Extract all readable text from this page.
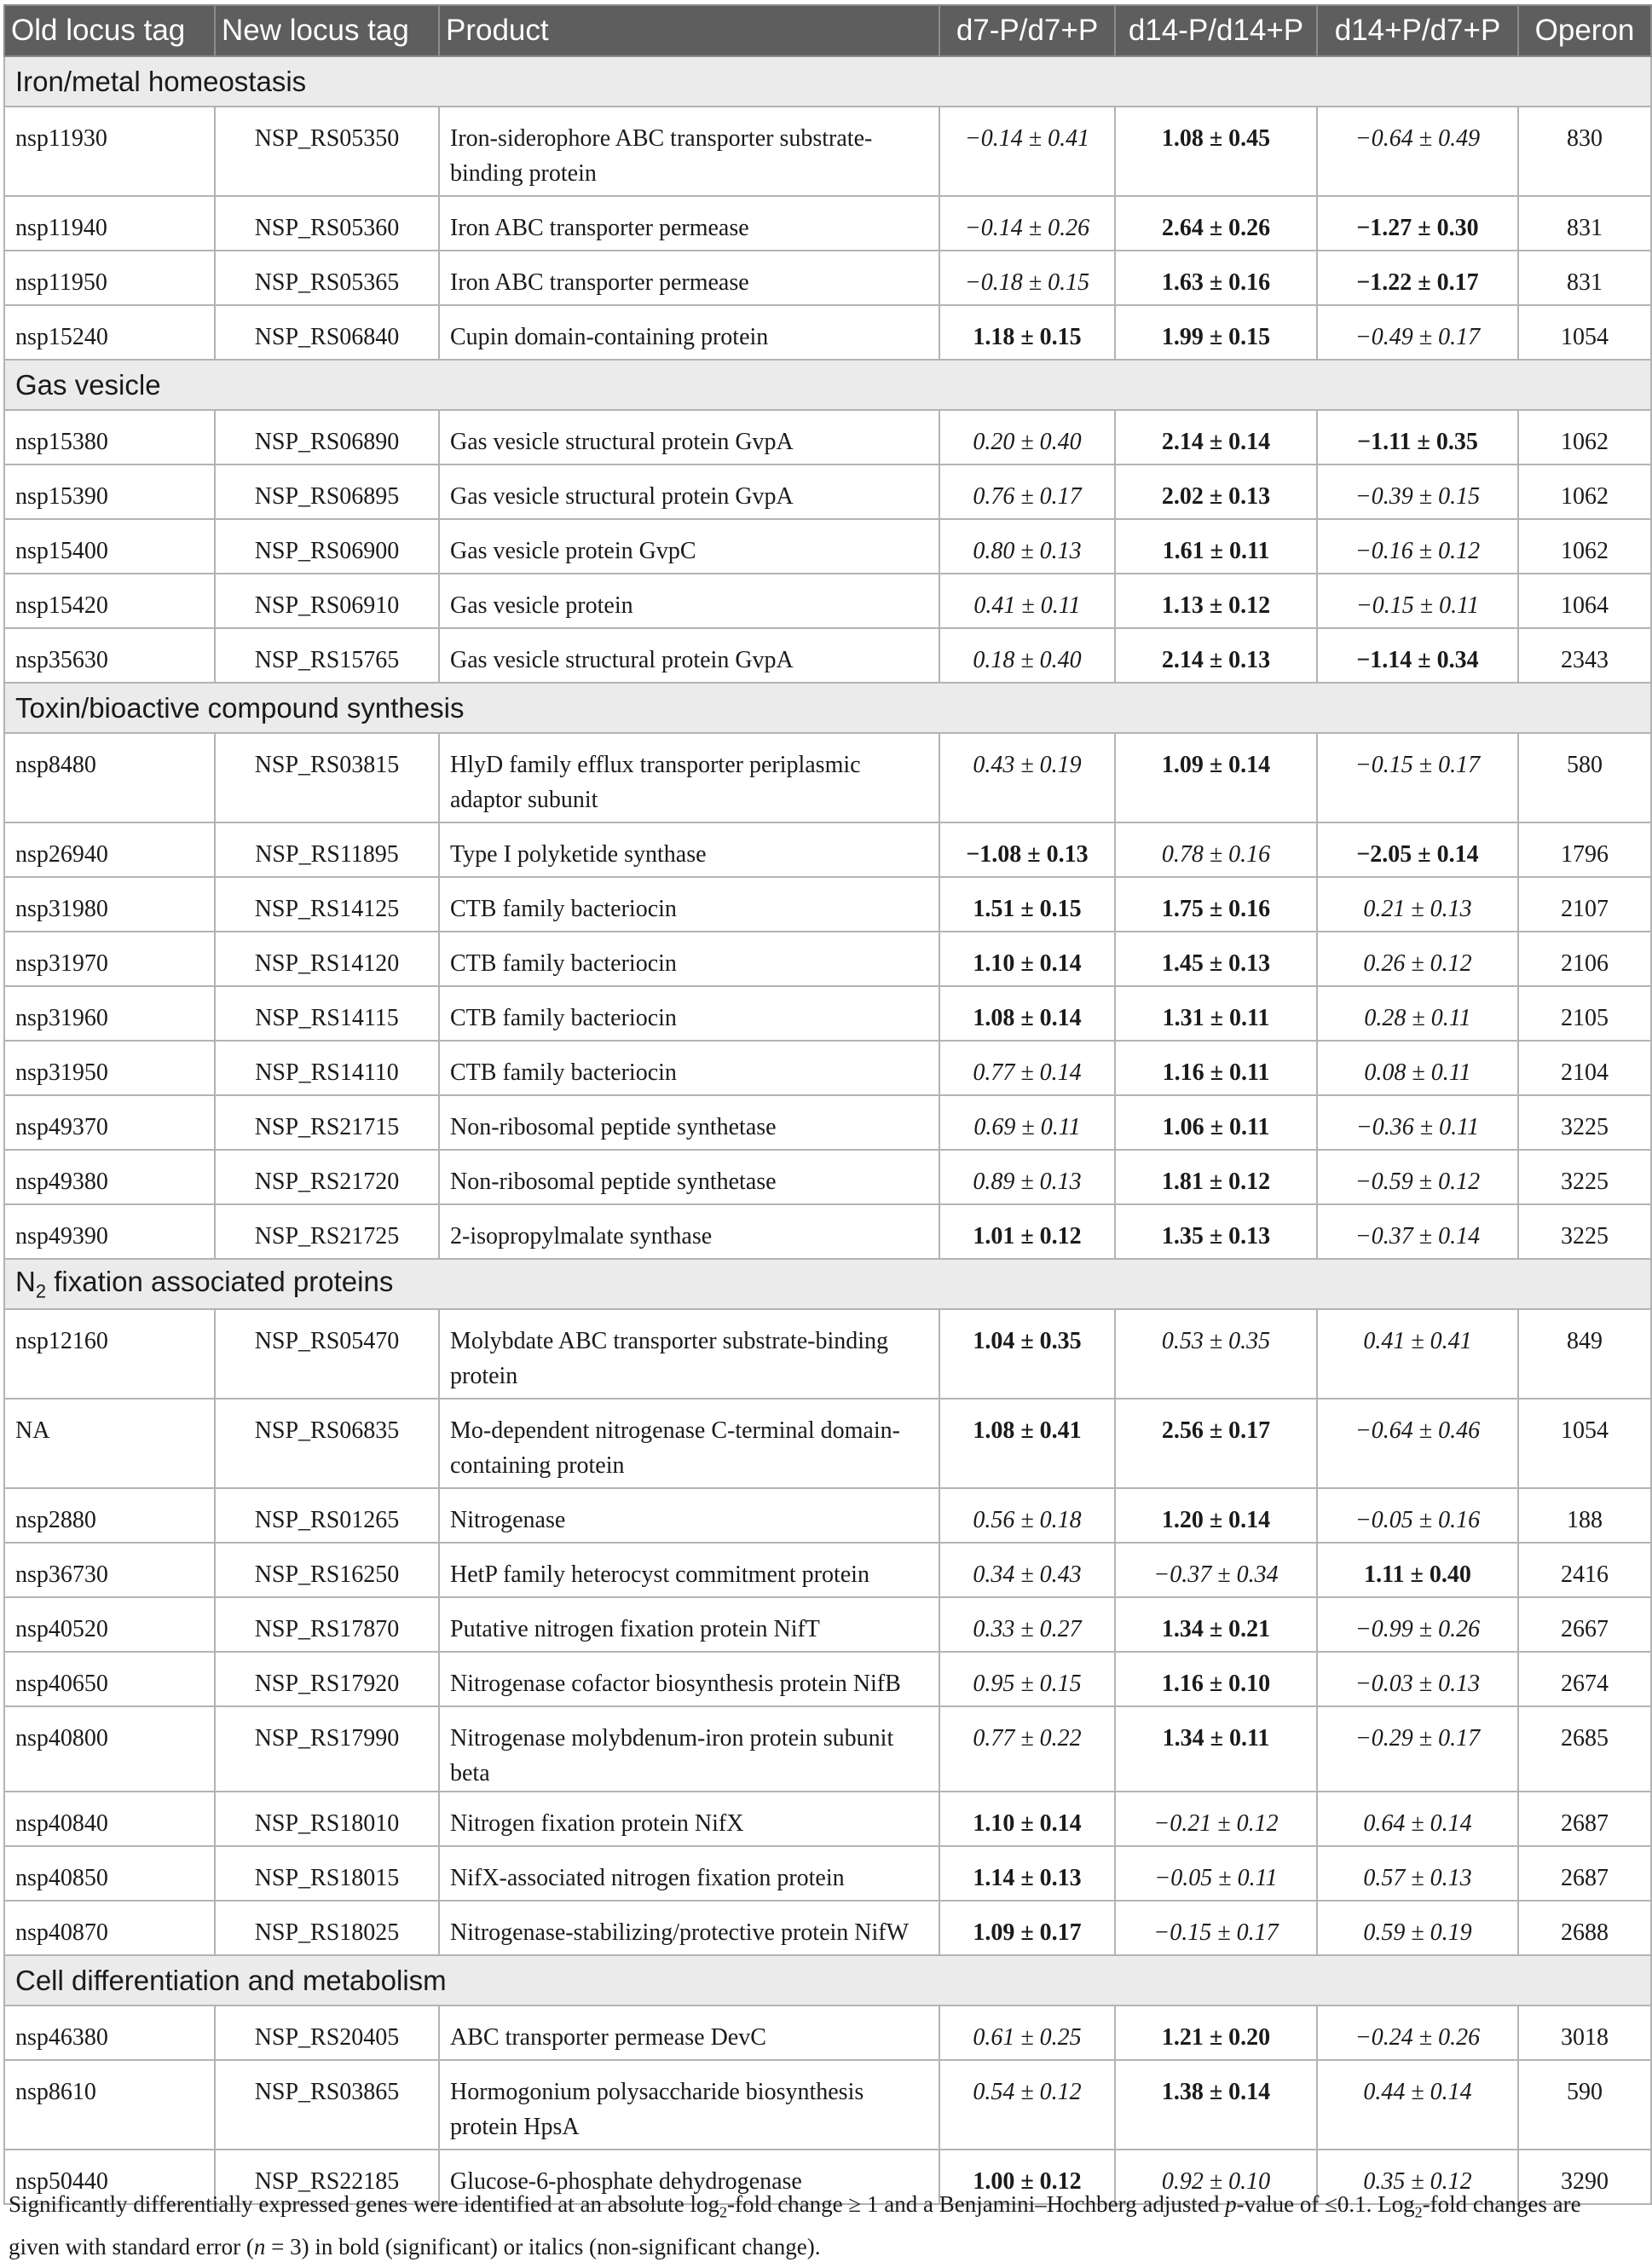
Old locus tag	New locus tag	Product	d7-P/d7+P	d14-P/d14+P	d14+P/d7+P	Operon
Iron/metal homeostasis						
nsp11930	NSP_RS05350	Iron-siderophore ABC transporter substrate-binding protein	−0.14 ± 0.41	1.08 ± 0.45	−0.64 ± 0.49	830
nsp11940	NSP_RS05360	Iron ABC transporter permease	−0.14 ± 0.26	2.64 ± 0.26	−1.27 ± 0.30	831
nsp11950	NSP_RS05365	Iron ABC transporter permease	−0.18 ± 0.15	1.63 ± 0.16	−1.22 ± 0.17	831
nsp15240	NSP_RS06840	Cupin domain-containing protein	1.18 ± 0.15	1.99 ± 0.15	−0.49 ± 0.17	1054
Gas vesicle						
nsp15380	NSP_RS06890	Gas vesicle structural protein GvpA	0.20 ± 0.40	2.14 ± 0.14	−1.11 ± 0.35	1062
nsp15390	NSP_RS06895	Gas vesicle structural protein GvpA	0.76 ± 0.17	2.02 ± 0.13	−0.39 ± 0.15	1062
nsp15400	NSP_RS06900	Gas vesicle protein GvpC	0.80 ± 0.13	1.61 ± 0.11	−0.16 ± 0.12	1062
nsp15420	NSP_RS06910	Gas vesicle protein	0.41 ± 0.11	1.13 ± 0.12	−0.15 ± 0.11	1064
nsp35630	NSP_RS15765	Gas vesicle structural protein GvpA	0.18 ± 0.40	2.14 ± 0.13	−1.14 ± 0.34	2343
Toxin/bioactive compound synthesis						
nsp8480	NSP_RS03815	HlyD family efflux transporter periplasmic adaptor subunit	0.43 ± 0.19	1.09 ± 0.14	−0.15 ± 0.17	580
nsp26940	NSP_RS11895	Type I polyketide synthase	−1.08 ± 0.13	0.78 ± 0.16	−2.05 ± 0.14	1796
nsp31980	NSP_RS14125	CTB family bacteriocin	1.51 ± 0.15	1.75 ± 0.16	0.21 ± 0.13	2107
nsp31970	NSP_RS14120	CTB family bacteriocin	1.10 ± 0.14	1.45 ± 0.13	0.26 ± 0.12	2106
nsp31960	NSP_RS14115	CTB family bacteriocin	1.08 ± 0.14	1.31 ± 0.11	0.28 ± 0.11	2105
nsp31950	NSP_RS14110	CTB family bacteriocin	0.77 ± 0.14	1.16 ± 0.11	0.08 ± 0.11	2104
nsp49370	NSP_RS21715	Non-ribosomal peptide synthetase	0.69 ± 0.11	1.06 ± 0.11	−0.36 ± 0.11	3225
nsp49380	NSP_RS21720	Non-ribosomal peptide synthetase	0.89 ± 0.13	1.81 ± 0.12	−0.59 ± 0.12	3225
nsp49390	NSP_RS21725	2-isopropylmalate synthase	1.01 ± 0.12	1.35 ± 0.13	−0.37 ± 0.14	3225
$N_2$ fixation associated proteins						
nsp12160	NSP_RS05470	Molybdate ABC transporter substrate-binding protein	1.04 ± 0.35	0.53 ± 0.35	0.41 ± 0.41	849
NA	NSP_RS06835	Mo-dependent nitrogenase C-terminal domain-containing protein	1.08 ± 0.41	2.56 ± 0.17	−0.64 ± 0.46	1054
nsp2880	NSP_RS01265	Nitrogenase	0.56 ± 0.18	1.20 ± 0.14	−0.05 ± 0.16	188
nsp36730	NSP_RS16250	HetP family heterocyst commitment protein	0.34 ± 0.43	−0.37 ± 0.34	1.11 ± 0.40	2416
nsp40520	NSP_RS17870	Putative nitrogen fixation protein NifT	0.33 ± 0.27	1.34 ± 0.21	−0.99 ± 0.26	2667
nsp40650	NSP_RS17920	Nitrogenase cofactor biosynthesis protein NifB	0.95 ± 0.15	1.16 ± 0.10	−0.03 ± 0.13	2674
nsp40800	NSP_RS17990	Nitrogenase molybdenum-iron protein subunit beta	0.77 ± 0.22	1.34 ± 0.11	−0.29 ± 0.17	2685
nsp40840	NSP_RS18010	Nitrogen fixation protein NifX	1.10 ± 0.14	−0.21 ± 0.12	0.64 ± 0.14	2687
nsp40850	NSP_RS18015	NifX-associated nitrogen fixation protein	1.14 ± 0.13	−0.05 ± 0.11	0.57 ± 0.13	2687
nsp40870	NSP_RS18025	Nitrogenase-stabilizing/protective protein NifW	1.09 ± 0.17	−0.15 ± 0.17	0.59 ± 0.19	2688
Cell differentiation and metabolism						
nsp46380	NSP_RS20405	ABC transporter permease DevC	0.61 ± 0.25	1.21 ± 0.20	−0.24 ± 0.26	3018
nsp8610	NSP_RS03865	Hormogonium polysaccharide biosynthesis protein HpsA	0.54 ± 0.12	1.38 ± 0.14	0.44 ± 0.14	590
nsp50440	NSP_RS22185	Glucose-6-phosphate dehydrogenase	1.00 ± 0.12	0.92 ± 0.10	0.35 ± 0.12	3290
Significantly differentially expressed genes were identified at an absolute $\log_2$-fold change ≥ 1 and a Benjamini–Hochberg adjusted p-value of ≤0.1. Log$_2$-fold changes are given with standard error (n = 3) in bold (significant) or italics (non-significant change).
